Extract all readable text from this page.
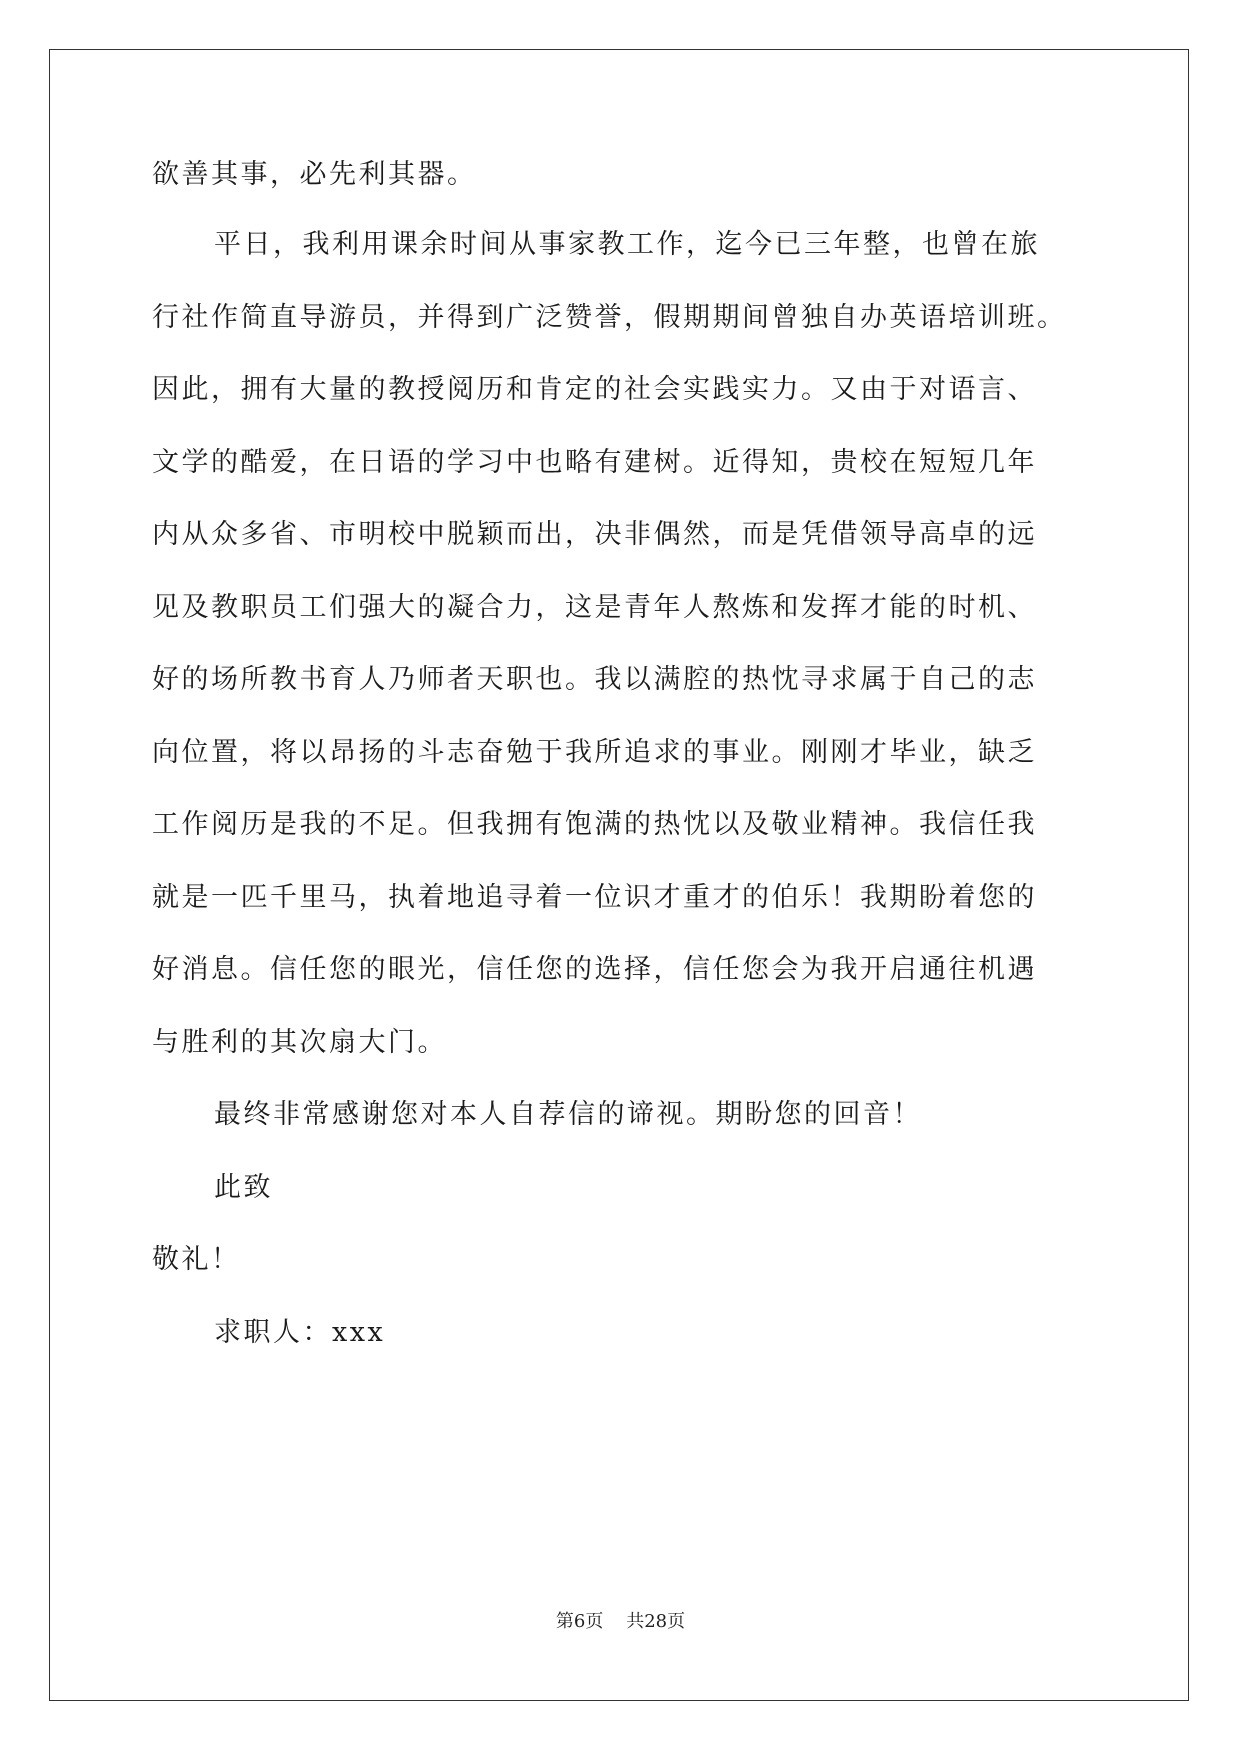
欲善其事，必先利其器。

平日，我利用课余时间从事家教工作，迄今已三年整，也曾在旅

行社作简直导游员，并得到广泛赞誉，假期期间曾独自办英语培训班。

因此，拥有大量的教授阅历和肯定的社会实践实力。又由于对语言、

文学的酷爱，在日语的学习中也略有建树。近得知，贵校在短短几年

内从众多省、市明校中脱颖而出，决非偶然，而是凭借领导高卓的远

见及教职员工们强大的凝合力，这是青年人熬炼和发挥才能的时机、

好的场所教书育人乃师者天职也。我以满腔的热忱寻求属于自己的志

向位置，将以昂扬的斗志奋勉于我所追求的事业。刚刚才毕业，缺乏

工作阅历是我的不足。但我拥有饱满的热忱以及敬业精神。我信任我

就是一匹千里马，执着地追寻着一位识才重才的伯乐！我期盼着您的

好消息。信任您的眼光，信任您的选择，信任您会为我开启通往机遇

与胜利的其次扇大门。

最终非常感谢您对本人自荐信的谛视。期盼您的回音！

此致

敬礼！

求职人：xxx

第6页 共28页
